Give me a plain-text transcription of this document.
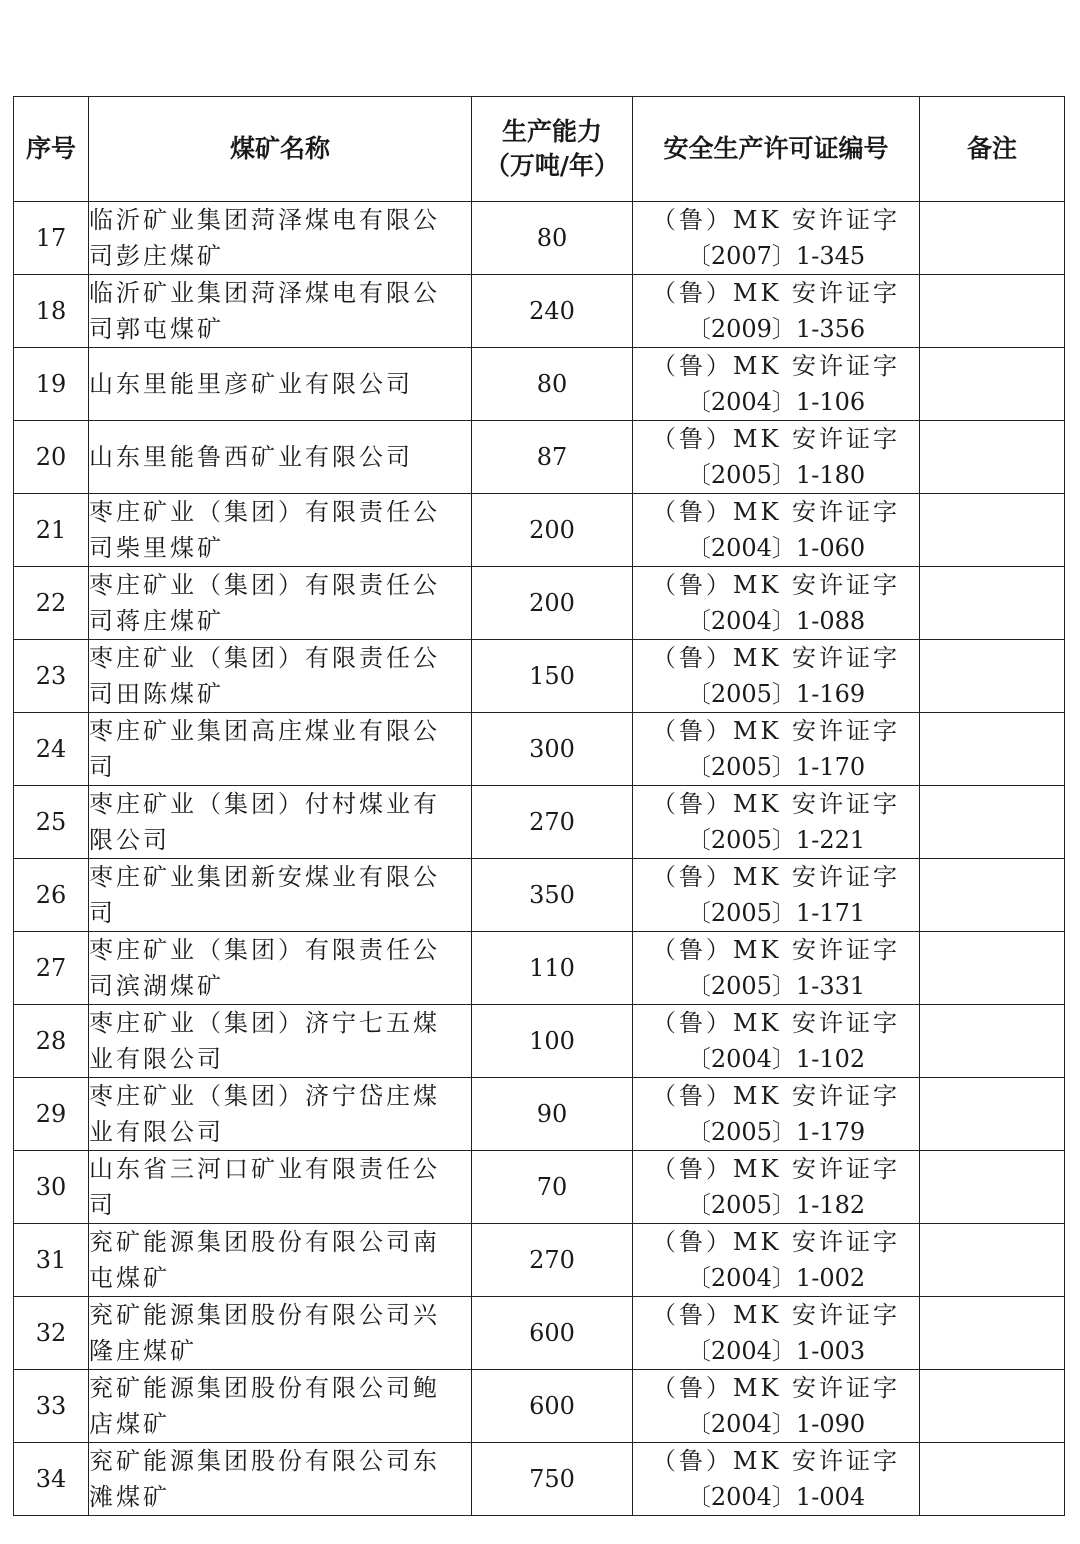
序号	煤矿名称	生产能力
（万吨/年）	安全生产许可证编号	备注
17	临沂矿业集团菏泽煤电有限公
司彭庄煤矿	80	（鲁）MK 安许证字
〔2007〕1-345	

18	临沂矿业集团菏泽煤电有限公
司郭屯煤矿	240	（鲁）MK 安许证字
〔2009〕1-356	

19	山东里能里彦矿业有限公司	80	（鲁）MK 安许证字
〔2004〕1-106	

20	山东里能鲁西矿业有限公司	87	（鲁）MK 安许证字
〔2005〕1-180	

21	枣庄矿业（集团）有限责任公
司柴里煤矿	200	（鲁）MK 安许证字
〔2004〕1-060	

22	枣庄矿业（集团）有限责任公
司蒋庄煤矿	200	（鲁）MK 安许证字
〔2004〕1-088	

23	枣庄矿业（集团）有限责任公
司田陈煤矿	150	（鲁）MK 安许证字
〔2005〕1-169	

24	枣庄矿业集团高庄煤业有限公
司	300	（鲁）MK 安许证字
〔2005〕1-170	

25	枣庄矿业（集团）付村煤业有
限公司	270	（鲁）MK 安许证字
〔2005〕1-221	

26	枣庄矿业集团新安煤业有限公
司	350	（鲁）MK 安许证字
〔2005〕1-171	

27	枣庄矿业（集团）有限责任公
司滨湖煤矿	110	（鲁）MK 安许证字
〔2005〕1-331	

28	枣庄矿业（集团）济宁七五煤
业有限公司	100	（鲁）MK 安许证字
〔2004〕1-102	

29	枣庄矿业（集团）济宁岱庄煤
业有限公司	90	（鲁）MK 安许证字
〔2005〕1-179	

30	山东省三河口矿业有限责任公
司	70	（鲁）MK 安许证字
〔2005〕1-182	

31	兖矿能源集团股份有限公司南
屯煤矿	270	（鲁）MK 安许证字
〔2004〕1-002	

32	兖矿能源集团股份有限公司兴
隆庄煤矿	600	（鲁）MK 安许证字
〔2004〕1-003	

33	兖矿能源集团股份有限公司鲍
店煤矿	600	（鲁）MK 安许证字
〔2004〕1-090	

34	兖矿能源集团股份有限公司东
滩煤矿	750	（鲁）MK 安许证字
〔2004〕1-004	
